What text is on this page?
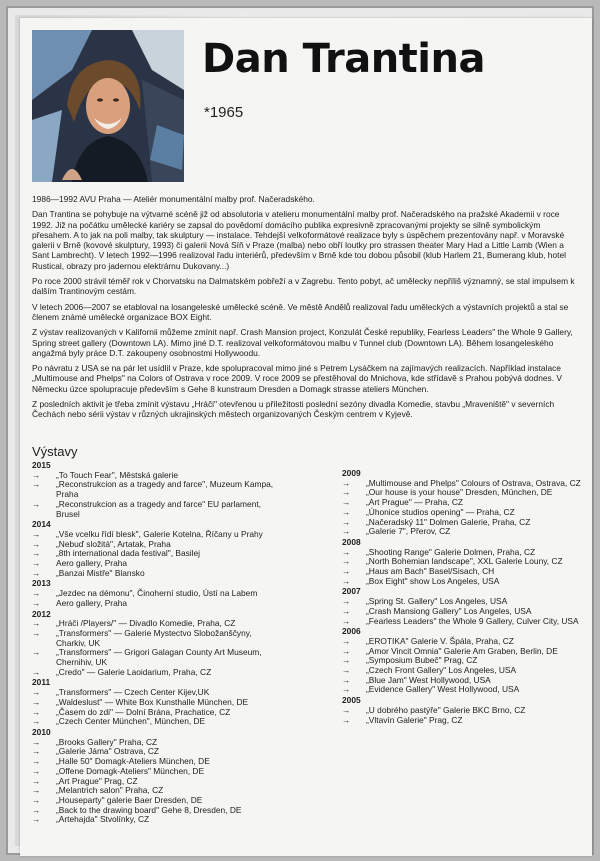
Dan Trantina
*1965

1986—1992 AVU Praha — Ateliér monumentální malby prof. Načeradského.

Dan Trantina se pohybuje na výtvarné scéně již od absolutoria v atelieru monumentální malby prof. Načeradského na pražské Akademii v roce 1992. Již na počátku umělecké kariéry se zapsal do povědomí domácího publika expresivně zpracovanými projekty se silně symbolickým přesahem. A to jak na poli malby, tak skulptury — instalace. Tehdejší velkoformátové realizace byly s úspěchem prezentovány např. v Moravské galerii v Brně (kovové skulptury, 1993) či galerii Nová Síň v Praze (malba) nebo obří loutky pro strassen theater Mary Had a Little Lamb (Wien a Sant Lambrecht). V letech 1992—1996 realizoval řadu interiérů, především v Brně kde tou dobou působil (klub Harlem 21, Bumerang klub, hotel Rustical, obrazy pro jadernou elektrárnu Dukovany...)

Po roce 2000 strávil téměř rok v Chorvatsku na Dalmatském pobřeží a v Zagrebu. Tento pobyt, ač umělecky nepříliš významný, se stal impulsem k dalším Trantinovým cestám.

V letech 2006—2007 se etabloval na losangeleské umělecké scéně. Ve městě Andělů realizoval řadu uměleckých a výstavních projektů a stal se členem známé umělecké organizace BOX Eight.

Z výstav realizovaných v Kalifornii můžeme zmínit např. Crash Mansion project, Konzulát České republiky, Fearless Leaders" the Whole 9 Gallery, Spring street gallery (Downtown LA). Mimo jiné D.T. realizoval velkoformátovou malbu v Tunnel club (Downtown LA). Během losangeleského angažmá byly práce D.T. zakoupeny osobnostmi Hollywoodu.

Po návratu z USA se na pár let usídlil v Praze, kde spolupracoval mimo jiné s Petrem Lysáčkem na zajímavých realizacích. Například instalace „Multimouse and Phelps" na Colors of Ostrava v roce 2009. V roce 2009 se přestěhoval do Mnichova, kde střídavě s Prahou pobývá dodnes. V Německu úzce spolupracuje především s Gehe 8 kunstraum Dresden a Domagk strasse ateliers München.

Z posledních aktivit je třeba zmínit výstavu „Hráči" otevřenou u příležitosti poslední sezóny divadla Komedie, stavbu „Mraveniště" v severních Čechách nebo sérii výstav v různých ukrajinských městech organizovaných Českým centrem v Kyjevě.

Výstavy
2015
→	„To Touch Fear", Městská galerie
→	„Reconstrukcion as a tragedy and farce", Muzeum Kampa, Praha
→	„Reconstrukcion as a tragedy and farce" EU parlament, Brusel
2014
→	„Vše vcelku řídí blesk", Galerie Kotelna, Říčany u Prahy
→	„Nebuď složitá", Artatak, Praha
→	„8th international dada festival", Basilej
→	Aero gallery, Praha
→	„Banzai Mistře" Blansko
2013
→	„Jezdec na démonu", Činoherní studio, Ústí na Labem
→	Aero gallery, Praha
2012
→	„Hráči /Players/" — Divadlo Komedie, Praha, CZ
→	„Transformers" — Galerie Mystectvo Slobožanščyny, Charkiv, UK
→	„Transformers" — Grigori Galagan County Art Museum, Chernihiv, UK
→	„Credo" — Galerie Laoidarium, Praha, CZ
2011
→	„Transformers" — Czech Center Kijev,UK
→	„Waldeslust" — White Box Kunsthalle München, DE
→	„Časem do zdi" — Dolní Brána, Prachatice, CZ
→	„Czech Center München", München, DE
2010
→	„Brooks Gallery" Praha, CZ
→	„Galerie Jáma" Ostrava, CZ
→	„Halle 50" Domagk-Ateliers München, DE
→	„Offene Domagk-Ateliers" München, DE
→	„Art Prague" Prag, CZ
→	„Melantrich salon" Praha, CZ
→	„Houseparty" galerie Baer Dresden, DE
→	„Back to the drawing board" Gehe 8, Dresden, DE
→	„Artehajda" Stvolínky, CZ
2009
→	„Multimouse and Phelps" Colours of Ostrava, Ostrava, CZ
→	„Our house is your house" Dresden, München, DE
→	„Art Prague" — Praha, CZ
→	„Úhonice studios opening" — Praha, CZ
→	„Načeradský 11" Dolmen Galerie, Praha, CZ
→	„Galerie 7", Přerov, CZ
2008
→	„Shooting Range" Galerie Dolmen, Praha, CZ
→	„North Bohemian landscape", XXL Galerie Louny, CZ
→	„Haus am Bach" Basel/Sisach, CH
→	„Box Eight" show Los Angeles, USA
2007
→	„Spring St. Gallery" Los Angeles, USA
→	„Crash Mansiong Gallery" Los Angeles, USA
→	„Fearless Leaders" the Whole 9 Gallery, Culver City, USA
2006
→	„EROTIKA" Galerie V. Špála, Praha, CZ
→	„Amor Vincit Omnia" Galerie Am Graben, Berlin, DE
→	„Symposium Bubeč" Prag, CZ
→	„Czech Front Gallery" Los Angeles, USA
→	„Blue Jam" West Hollywood, USA
→	„Evidence Gallery" West Hollywood, USA
2005
→	„U dobrého pastýře" Galerie BKC Brno, CZ
→	„Vltavín Galerie" Prag, CZ
